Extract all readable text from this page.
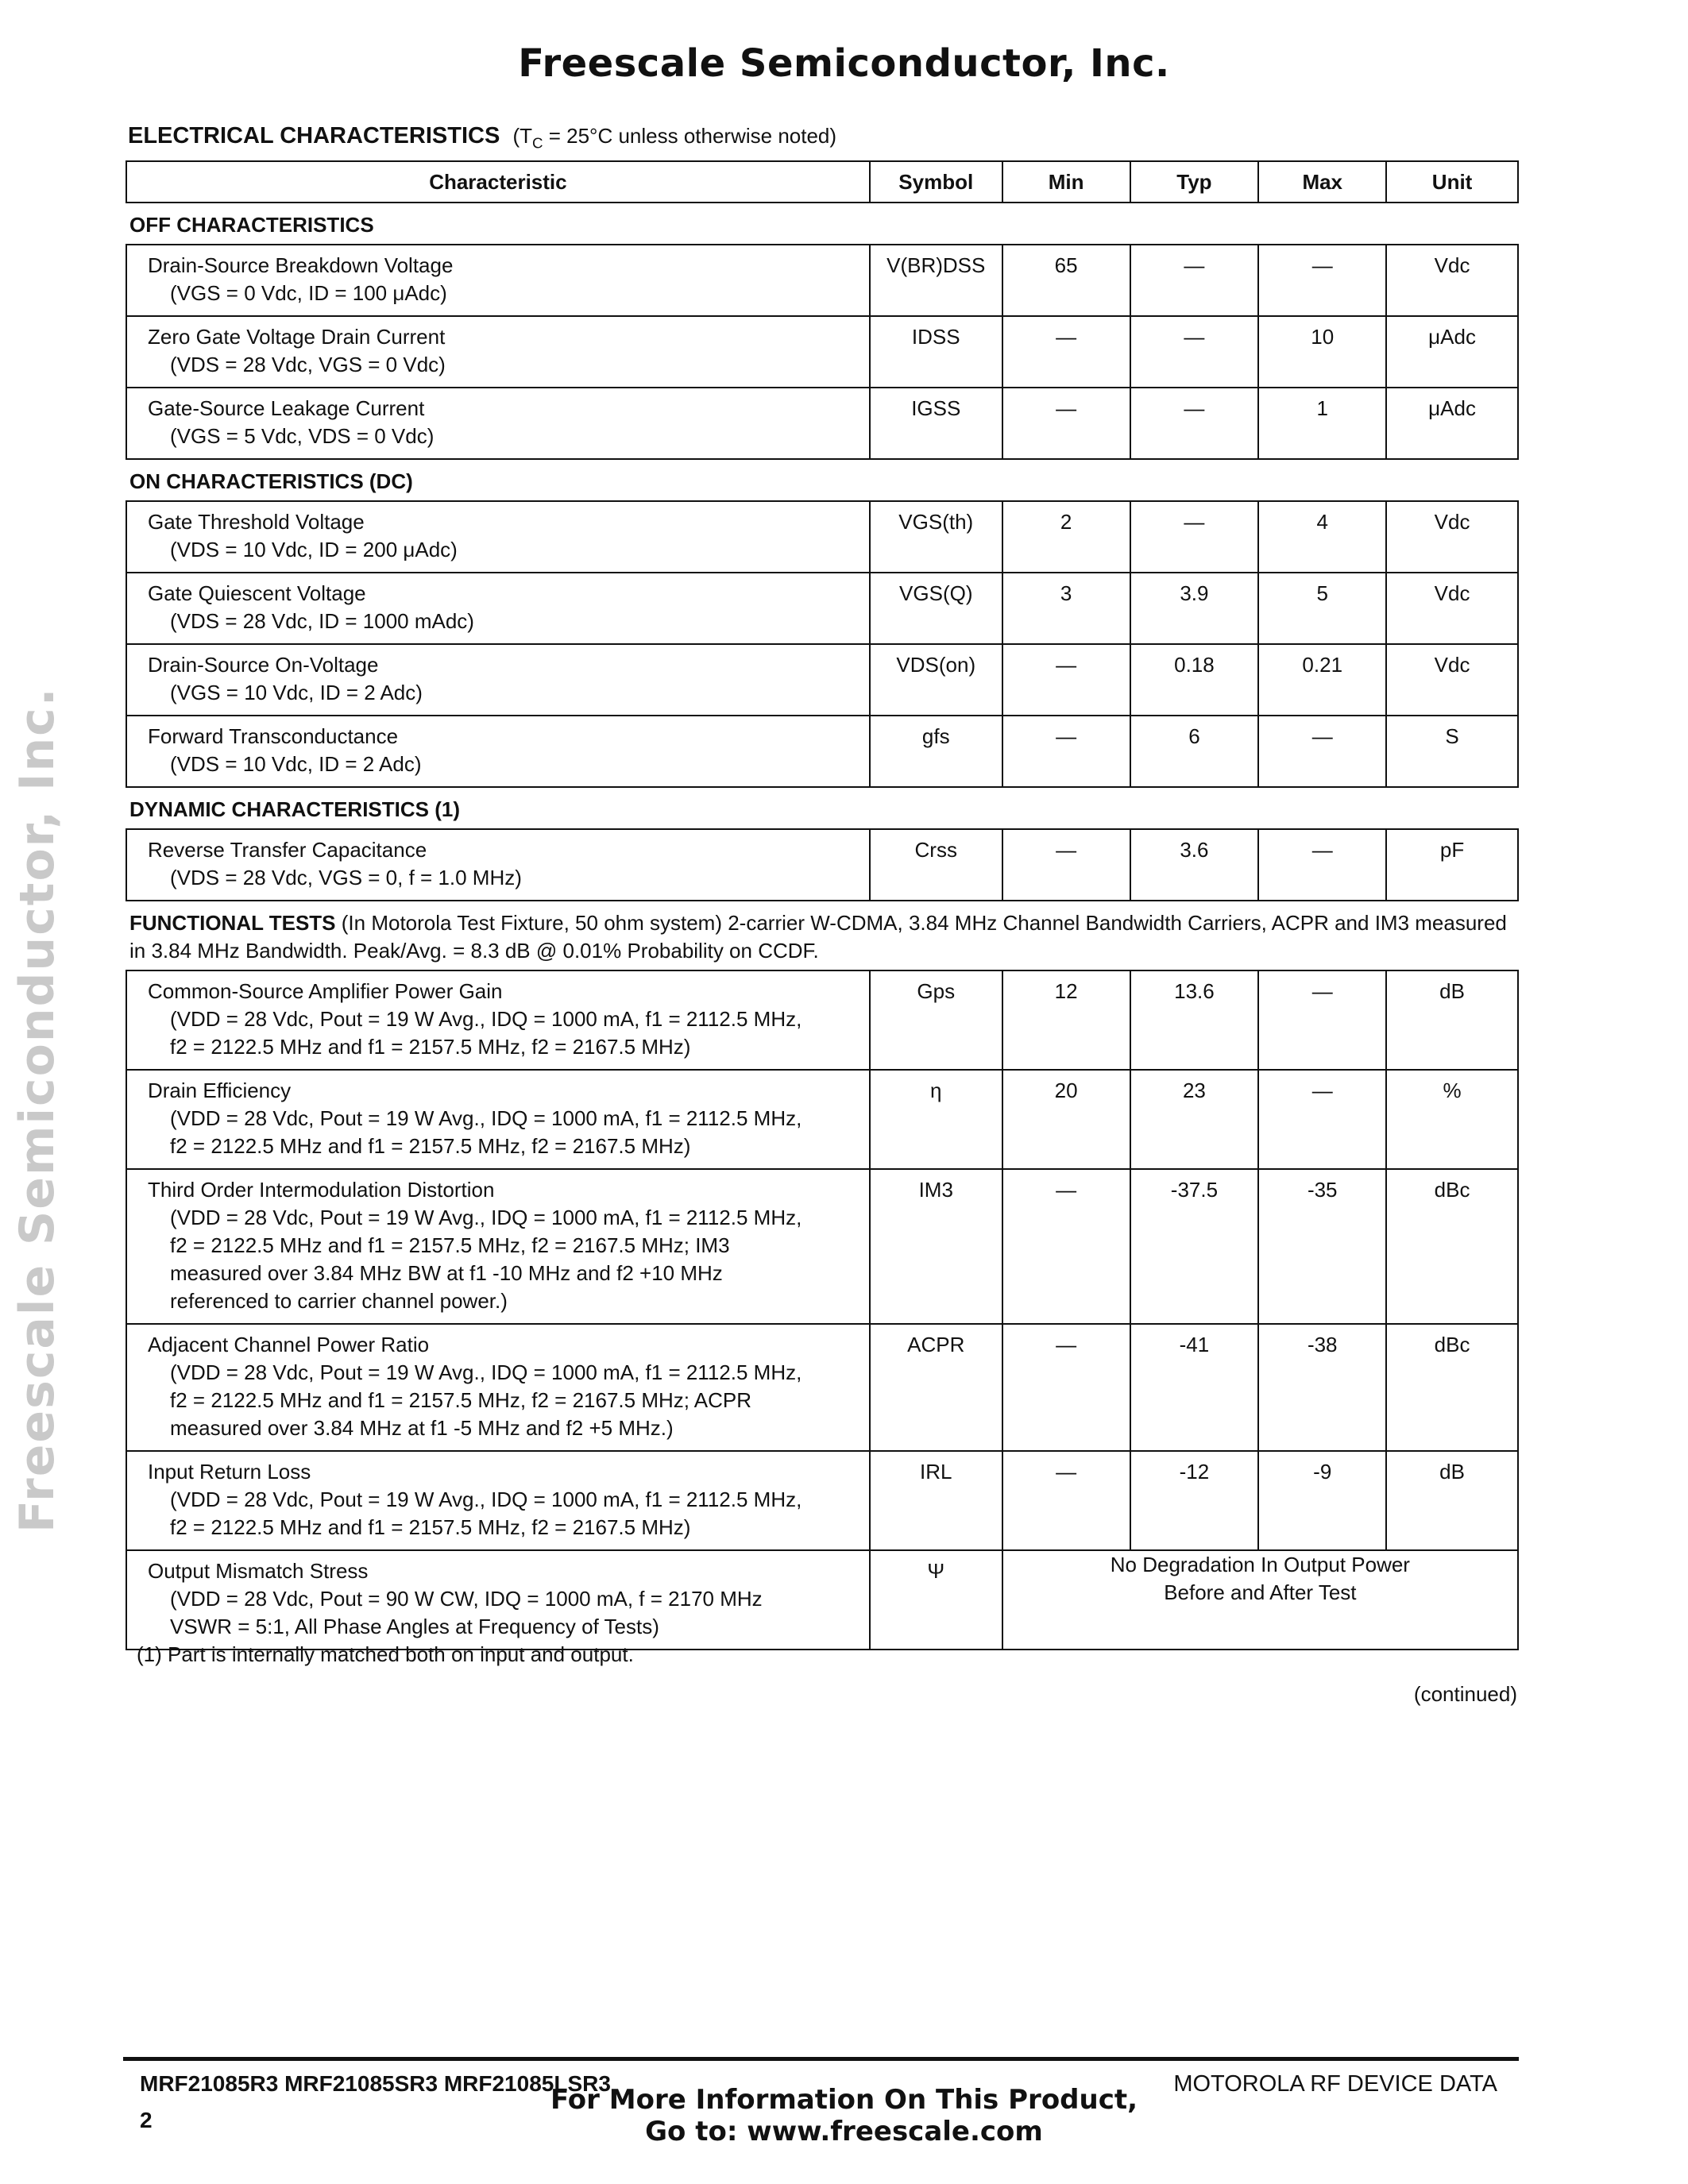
Freescale Semiconductor, Inc.
Freescale Semiconductor, Inc.
ELECTRICAL CHARACTERISTICS ($T_C = 25^\circ C$ unless otherwise noted)
Characteristic	Symbol	Min	Typ	Max	Unit
OFF CHARACTERISTICS					
Drain-Source Breakdown Voltage
(VGS = 0 Vdc, ID = 100 μAdc)	V(BR)DSS	65	—	—	Vdc
Zero Gate Voltage Drain Current
(VDS = 28 Vdc, VGS = 0 Vdc)	IDSS	—	—	10	μAdc
Gate-Source Leakage Current
(VGS = 5 Vdc, VDS = 0 Vdc)	IGSS	—	—	1	μAdc
ON CHARACTERISTICS (DC)					
Gate Threshold Voltage
(VDS = 10 Vdc, ID = 200 μAdc)	VGS(th)	2	—	4	Vdc
Gate Quiescent Voltage
(VDS = 28 Vdc, ID = 1000 mAdc)	VGS(Q)	3	3.9	5	Vdc
Drain-Source On-Voltage
(VGS = 10 Vdc, ID = 2 Adc)	VDS(on)	—	0.18	0.21	Vdc
Forward Transconductance
(VDS = 10 Vdc, ID = 2 Adc)	gfs	—	6	—	S
DYNAMIC CHARACTERISTICS (1)					
Reverse Transfer Capacitance
(VDS = 28 Vdc, VGS = 0, f = 1.0 MHz)	Crss	—	3.6	—	pF
FUNCTIONAL TESTS (In Motorola Test Fixture, 50 ohm system) 2-carrier W-CDMA, 3.84 MHz Channel Bandwidth Carriers, ACPR and IM3 measured in 3.84 MHz Bandwidth. Peak/Avg. = 8.3 dB @ 0.01% Probability on CCDF.					
Common-Source Amplifier Power Gain
(VDD = 28 Vdc, Pout = 19 W Avg., IDQ = 1000 mA, f1 = 2112.5 MHz,
f2 = 2122.5 MHz and f1 = 2157.5 MHz, f2 = 2167.5 MHz)	Gps	12	13.6	—	dB
Drain Efficiency
(VDD = 28 Vdc, Pout = 19 W Avg., IDQ = 1000 mA, f1 = 2112.5 MHz,
f2 = 2122.5 MHz and f1 = 2157.5 MHz, f2 = 2167.5 MHz)	η	20	23	—	%
Third Order Intermodulation Distortion
(VDD = 28 Vdc, Pout = 19 W Avg., IDQ = 1000 mA, f1 = 2112.5 MHz,
f2 = 2122.5 MHz and f1 = 2157.5 MHz, f2 = 2167.5 MHz; IM3
measured over 3.84 MHz BW at f1 -10 MHz and f2 +10 MHz
referenced to carrier channel power.)	IM3	—	-37.5	-35	dBc
Adjacent Channel Power Ratio
(VDD = 28 Vdc, Pout = 19 W Avg., IDQ = 1000 mA, f1 = 2112.5 MHz,
f2 = 2122.5 MHz and f1 = 2157.5 MHz, f2 = 2167.5 MHz; ACPR
measured over 3.84 MHz at f1 -5 MHz and f2 +5 MHz.)	ACPR	—	-41	-38	dBc
Input Return Loss
(VDD = 28 Vdc, Pout = 19 W Avg., IDQ = 1000 mA, f1 = 2112.5 MHz,
f2 = 2122.5 MHz and f1 = 2157.5 MHz, f2 = 2167.5 MHz)	IRL	—	-12	-9	dB
Output Mismatch Stress
(VDD = 28 Vdc, Pout = 90 W CW, IDQ = 1000 mA, f = 2170 MHz
VSWR = 5:1, All Phase Angles at Frequency of Tests)	Ψ	No Degradation In Output Power
Before and After Test			
(1) Part is internally matched both on input and output.
(continued)
MRF21085R3 MRF21085SR3 MRF21085LSR3
2
MOTOROLA RF DEVICE DATA
For More Information On This Product,
Go to: www.freescale.com
